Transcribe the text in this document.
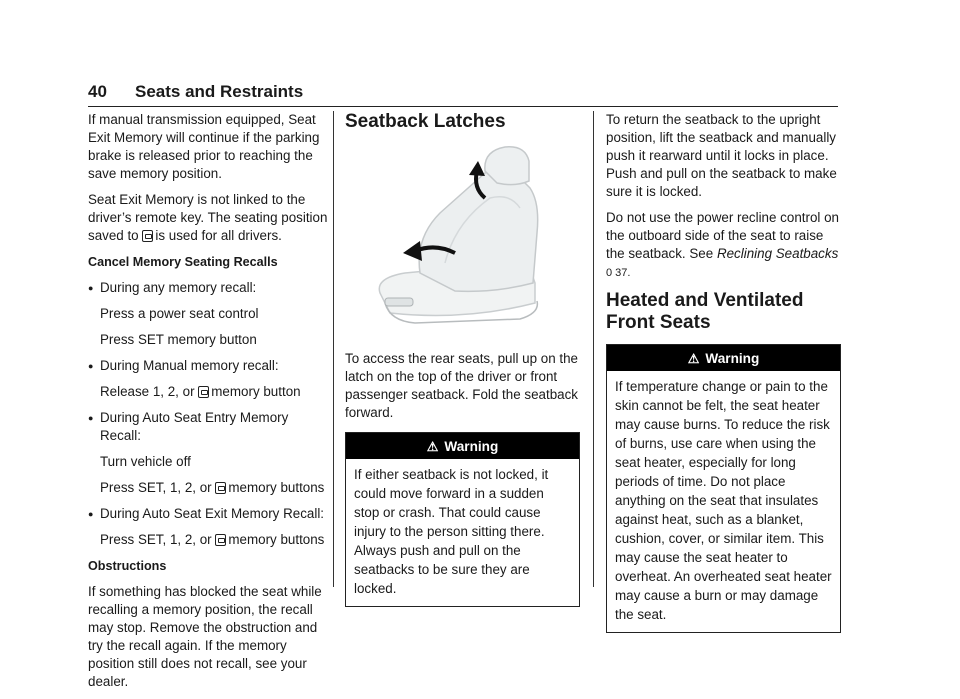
40 Seats and Restraints

If manual transmission equipped, Seat Exit Memory will continue if the parking brake is released prior to reaching the save memory position.

Seat Exit Memory is not linked to the driver’s remote key. The seating position saved to is used for all drivers.

Cancel Memory Seating Recalls
● During any memory recall:
Press a power seat control
Press SET memory button
● During Manual memory recall:
Release 1, 2, or memory button
● During Auto Seat Entry Memory Recall:
Turn vehicle off
Press SET, 1, 2, or memory buttons
● During Auto Seat Exit Memory Recall:
Press SET, 1, 2, or memory buttons
Obstructions

If something has blocked the seat while recalling a memory position, the recall may stop. Remove the obstruction and try the recall again. If the memory position still does not recall, see your dealer.

Seatback Latches

To access the rear seats, pull up on the latch on the top of the driver or front passenger seatback. Fold the seatback forward.

⚠ Warning
If either seatback is not locked, it could move forward in a sudden stop or crash. That could cause injury to the person sitting there. Always push and pull on the seatbacks to be sure they are locked.

To return the seatback to the upright position, lift the seatback and manually push it rearward until it locks in place. Push and pull on the seatback to make sure it is locked.

Do not use the power recline control on the outboard side of the seat to raise the seatback. See Reclining Seatbacks 0 37.

Heated and Ventilated Front Seats
⚠ Warning
If temperature change or pain to the skin cannot be felt, the seat heater may cause burns. To reduce the risk of burns, use care when using the seat heater, especially for long periods of time. Do not place anything on the seat that insulates against heat, such as a blanket, cushion, cover, or similar item. This may cause the seat heater to overheat. An overheated seat heater may cause a burn or may damage the seat.
